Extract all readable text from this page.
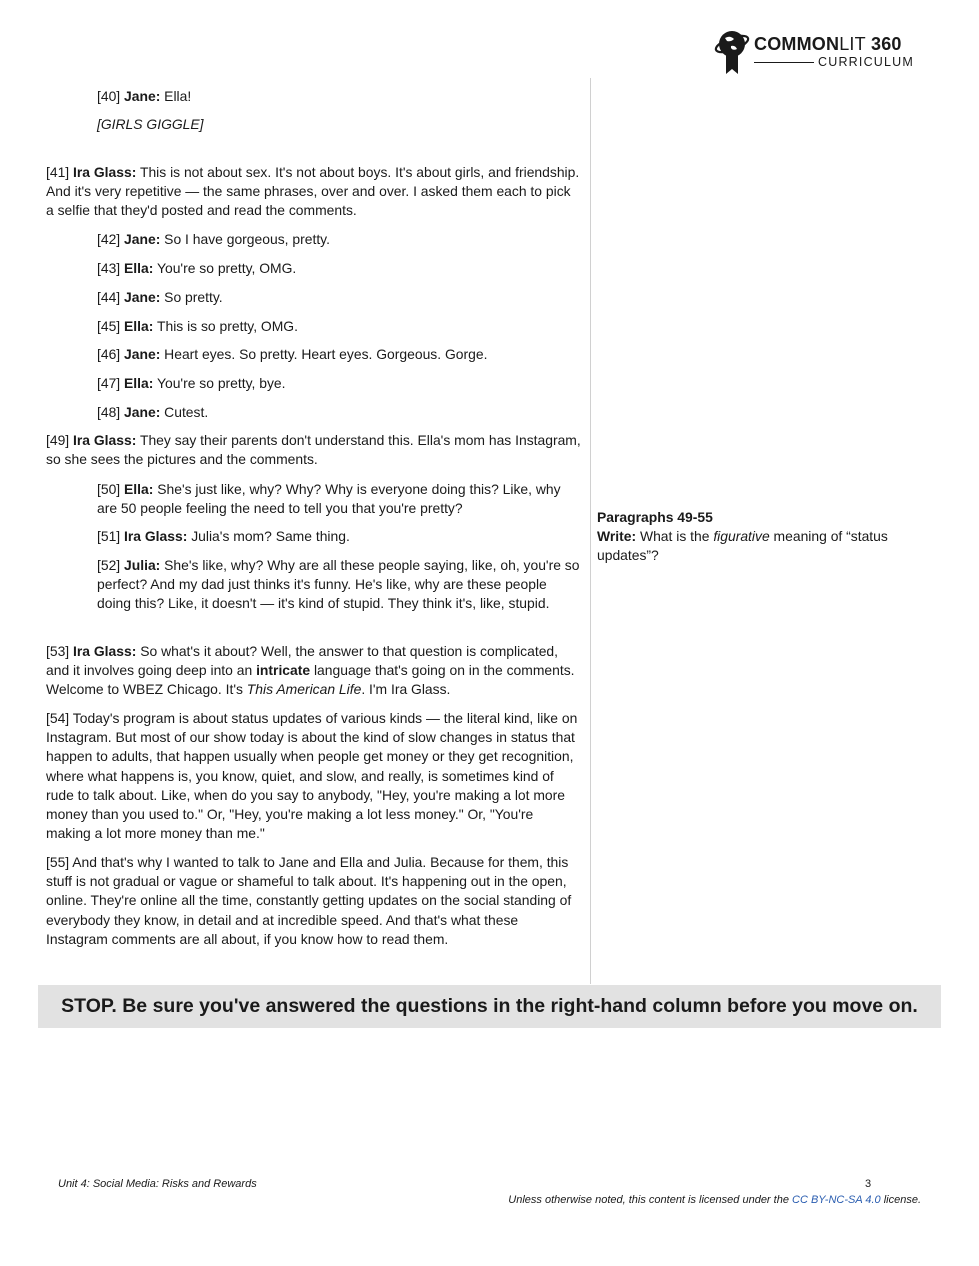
COMMONLIT 360
CURRICULUM

[40] Jane: Ella!

[GIRLS GIGGLE]

[41] Ira Glass: This is not about sex. It's not about boys. It's about girls, and friendship. And it's very repetitive — the same phrases, over and over. I asked them each to pick a selfie that they'd posted and read the comments.

[42] Jane: So I have gorgeous, pretty.

[43] Ella: You're so pretty, OMG.

[44] Jane: So pretty.

[45] Ella: This is so pretty, OMG.

[46] Jane: Heart eyes. So pretty. Heart eyes. Gorgeous. Gorge.

[47] Ella: You're so pretty, bye.

[48] Jane: Cutest.

[49] Ira Glass: They say their parents don't understand this. Ella's mom has Instagram, so she sees the pictures and the comments.

[50] Ella: She's just like, why? Why? Why is everyone doing this? Like, why are 50 people feeling the need to tell you that you're pretty?

[51] Ira Glass: Julia's mom? Same thing.

[52] Julia: She's like, why? Why are all these people saying, like, oh, you're so perfect? And my dad just thinks it's funny. He's like, why are these people doing this? Like, it doesn't — it's kind of stupid. They think it's, like, stupid.

[53] Ira Glass: So what's it about? Well, the answer to that question is complicated, and it involves going deep into an intricate language that's going on in the comments. Welcome to WBEZ Chicago. It's This American Life. I'm Ira Glass.

[54] Today's program is about status updates of various kinds — the literal kind, like on Instagram. But most of our show today is about the kind of slow changes in status that happen to adults, that happen usually when people get money or they get recognition, where what happens is, you know, quiet, and slow, and really, is sometimes kind of rude to talk about. Like, when do you say to anybody, "Hey, you're making a lot more money than you used to." Or, "Hey, you're making a lot less money." Or, "You're making a lot more money than me."

[55] And that's why I wanted to talk to Jane and Ella and Julia. Because for them, this stuff is not gradual or vague or shameful to talk about. It's happening out in the open, online. They're online all the time, constantly getting updates on the social standing of everybody they know, in detail and at incredible speed. And that's what these Instagram comments are all about, if you know how to read them.

Paragraphs 49-55
Write: What is the figurative meaning of “status updates”?
STOP. Be sure you've answered the questions in the right-hand column before you move on.
Unit 4: Social Media: Risks and Rewards	3
Unless otherwise noted, this content is licensed under the CC BY-NC-SA 4.0 license.
